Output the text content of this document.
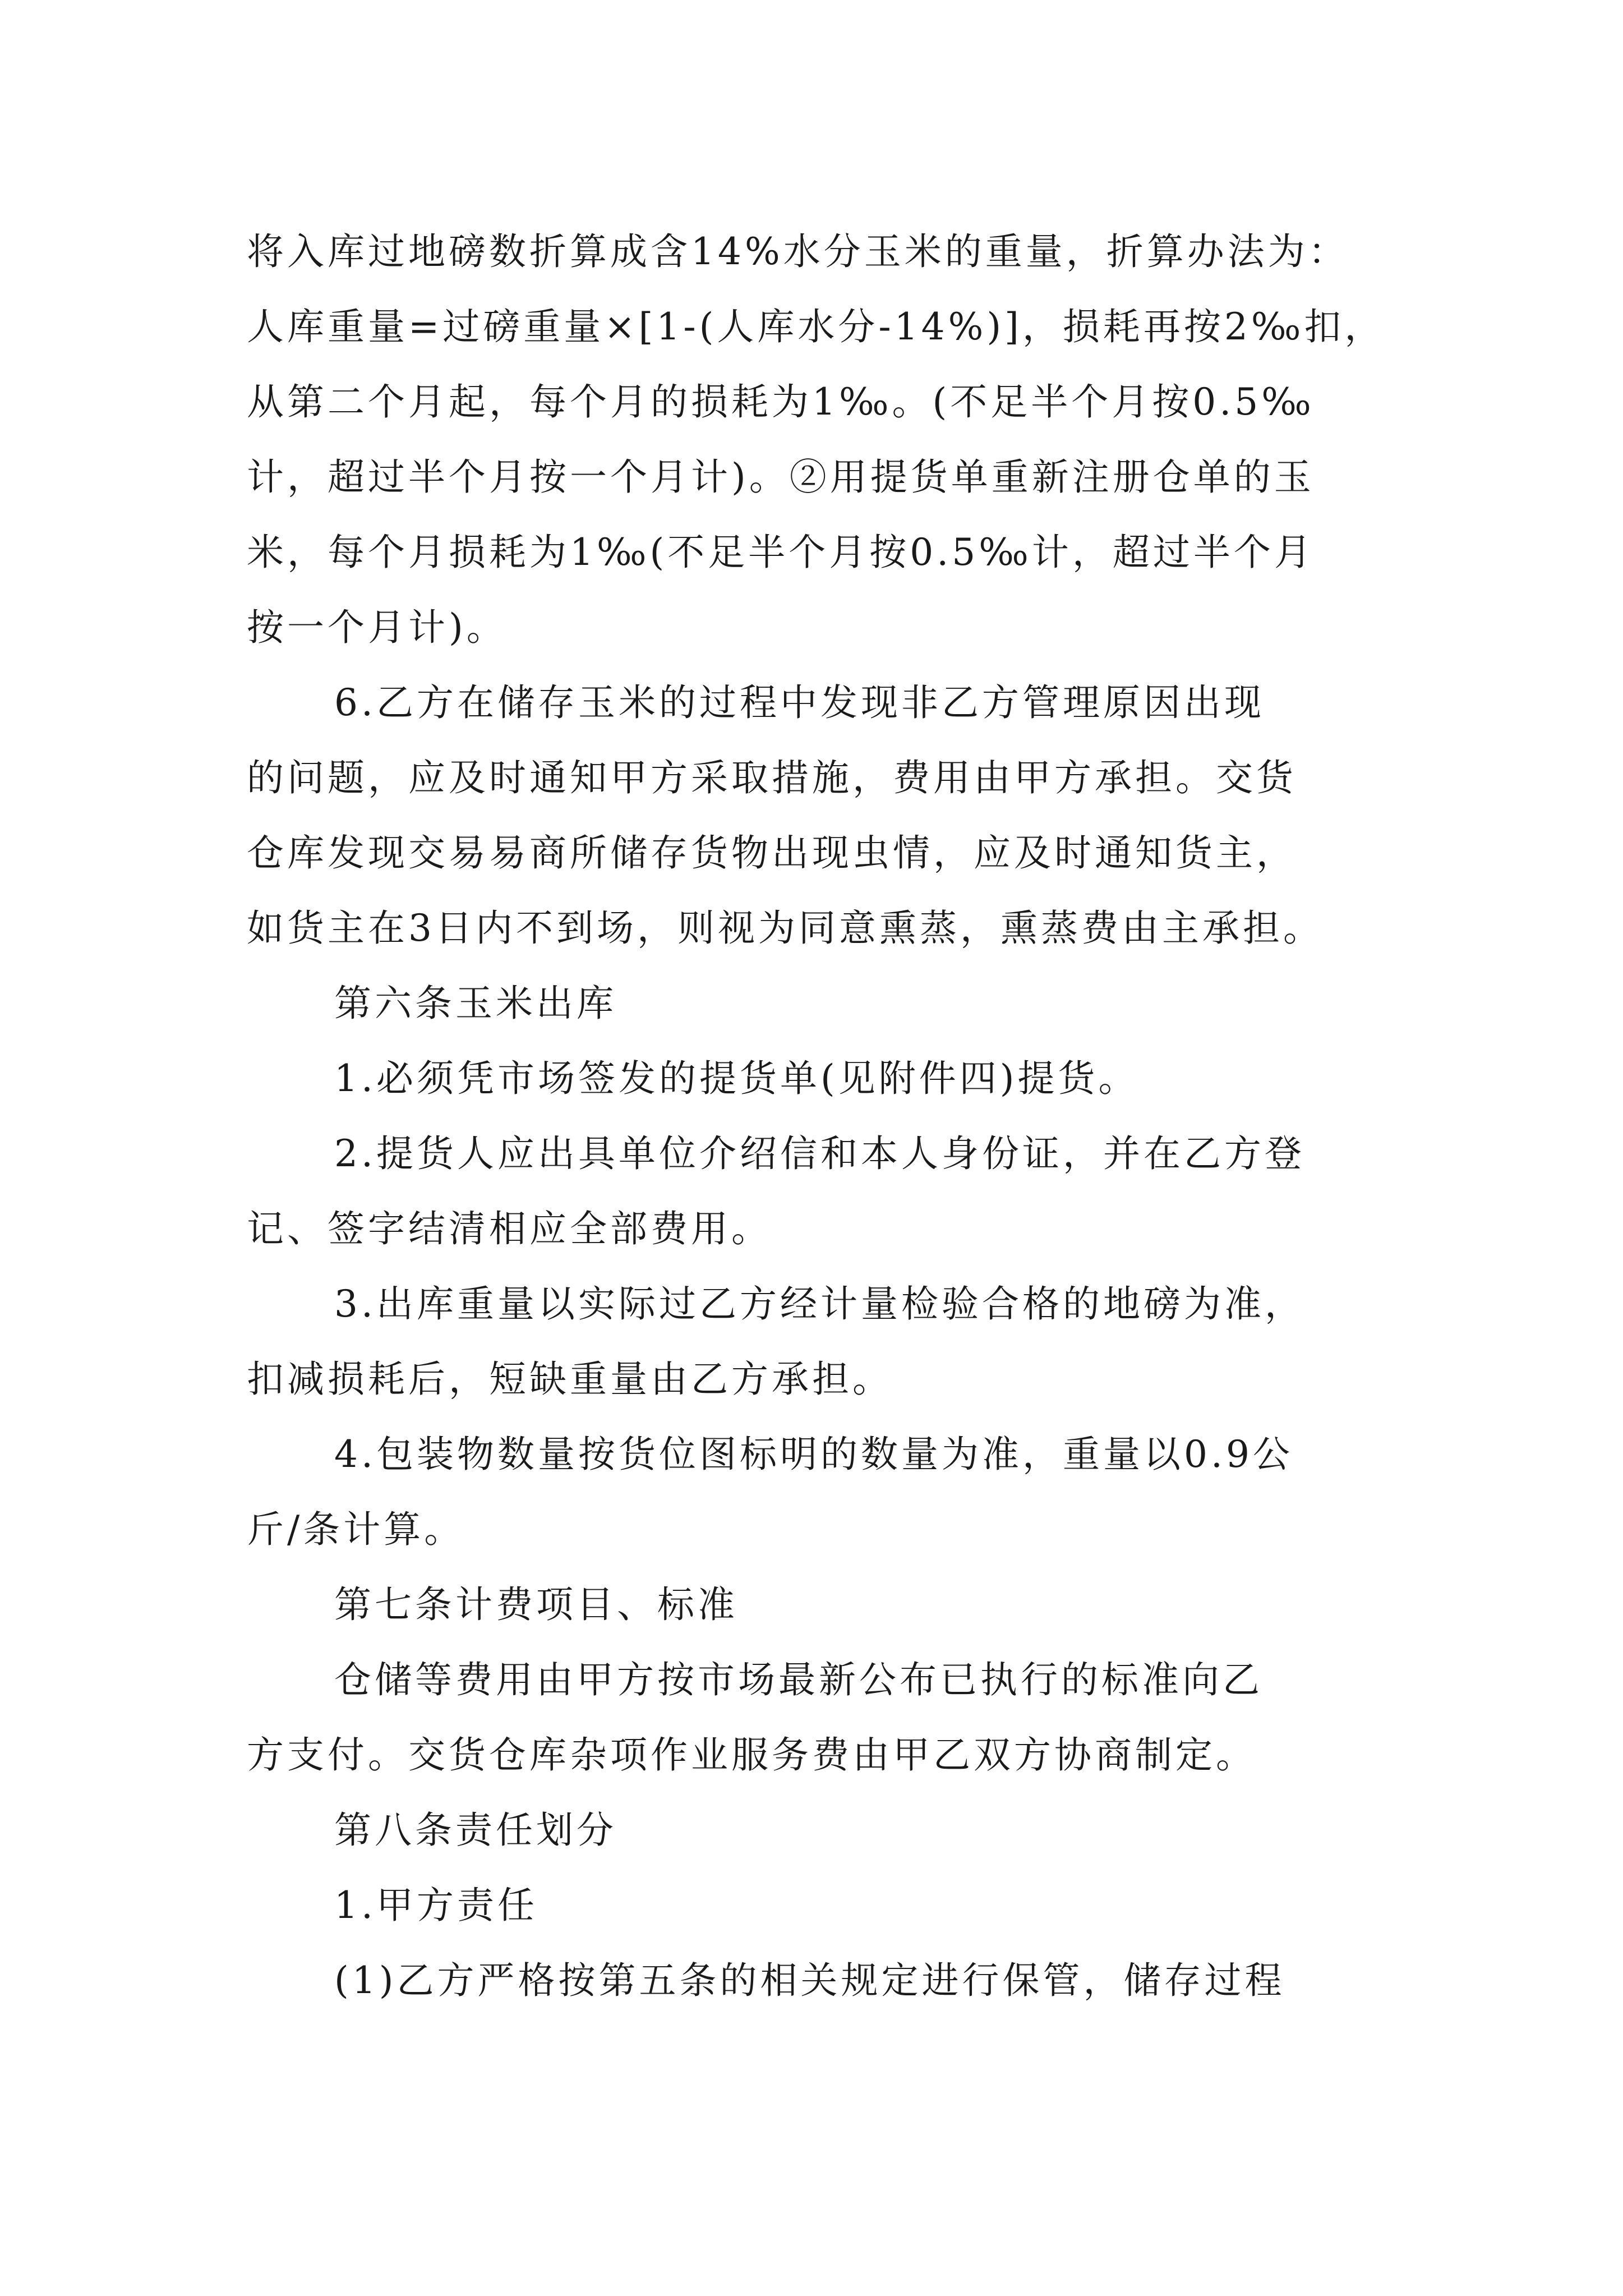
将入库过地磅数折算成含14%水分玉米的重量，折算办法为：
人库重量=过磅重量×[1-(人库水分-14%)]，损耗再按2‰扣，
从第二个月起，每个月的损耗为1‰。(不足半个月按0.5‰
计，超过半个月按一个月计)。②用提货单重新注册仓单的玉
米，每个月损耗为1‰(不足半个月按0.5‰计，超过半个月
按一个月计)。
6.乙方在储存玉米的过程中发现非乙方管理原因出现
的问题，应及时通知甲方采取措施，费用由甲方承担。交货
仓库发现交易易商所储存货物出现虫情，应及时通知货主，
如货主在3日内不到场，则视为同意熏蒸，熏蒸费由主承担。
第六条玉米出库
1.必须凭市场签发的提货单(见附件四)提货。
2.提货人应出具单位介绍信和本人身份证，并在乙方登
记、签字结清相应全部费用。
3.出库重量以实际过乙方经计量检验合格的地磅为准，
扣减损耗后，短缺重量由乙方承担。
4.包装物数量按货位图标明的数量为准，重量以0.9公
斤/条计算。
第七条计费项目、标准
仓储等费用由甲方按市场最新公布已执行的标准向乙
方支付。交货仓库杂项作业服务费由甲乙双方协商制定。
第八条责任划分
1.甲方责任
(1)乙方严格按第五条的相关规定进行保管，储存过程
